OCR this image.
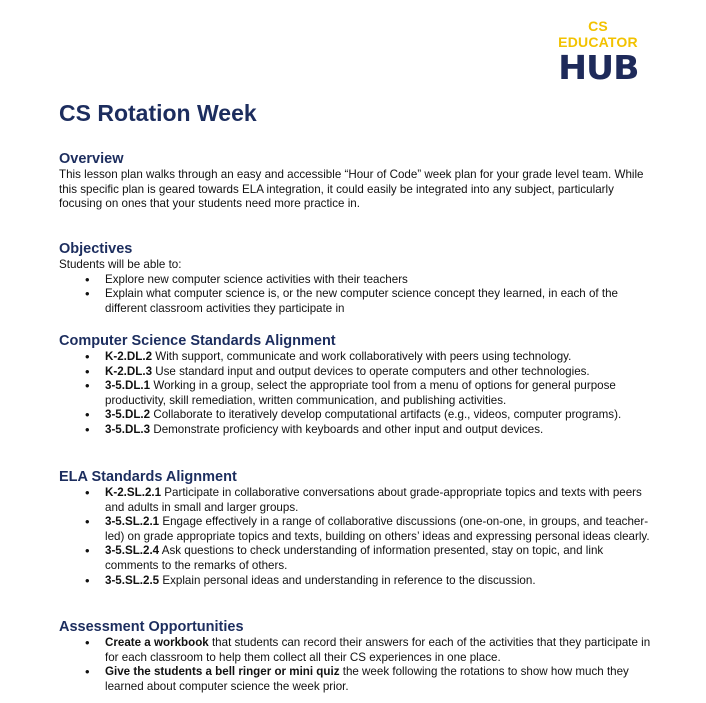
CS EDUCATOR
HUB
CS Rotation Week
Overview

This lesson plan walks through an easy and accessible “Hour of Code” week plan for your grade level team. While this specific plan is geared towards ELA integration, it could easily be integrated into any subject, particularly focusing on ones that your students need more practice in.

Objectives

Students will be able to:

• Explore new computer science activities with their teachers
• Explain what computer science is, or the new computer science concept they learned, in each of the different classroom activities they participate in
Computer Science Standards Alignment
• K-2.DL.2 With support, communicate and work collaboratively with peers using technology.
• K-2.DL.3 Use standard input and output devices to operate computers and other technologies.
• 3-5.DL.1 Working in a group, select the appropriate tool from a menu of options for general purpose productivity, skill remediation, written communication, and publishing activities.
• 3-5.DL.2 Collaborate to iteratively develop computational artifacts (e.g., videos, computer programs).
• 3-5.DL.3 Demonstrate proficiency with keyboards and other input and output devices.
ELA Standards Alignment
• K-2.SL.2.1 Participate in collaborative conversations about grade-appropriate topics and texts with peers and adults in small and larger groups.
• 3-5.SL.2.1 Engage effectively in a range of collaborative discussions (one-on-one, in groups, and teacher-led) on grade appropriate topics and texts, building on others’ ideas and expressing personal ideas clearly.
• 3-5.SL.2.4 Ask questions to check understanding of information presented, stay on topic, and link comments to the remarks of others.
• 3-5.SL.2.5 Explain personal ideas and understanding in reference to the discussion.
Assessment Opportunities
• Create a workbook that students can record their answers for each of the activities that they participate in for each classroom to help them collect all their CS experiences in one place.
• Give the students a bell ringer or mini quiz the week following the rotations to show how much they learned about computer science the week prior.
